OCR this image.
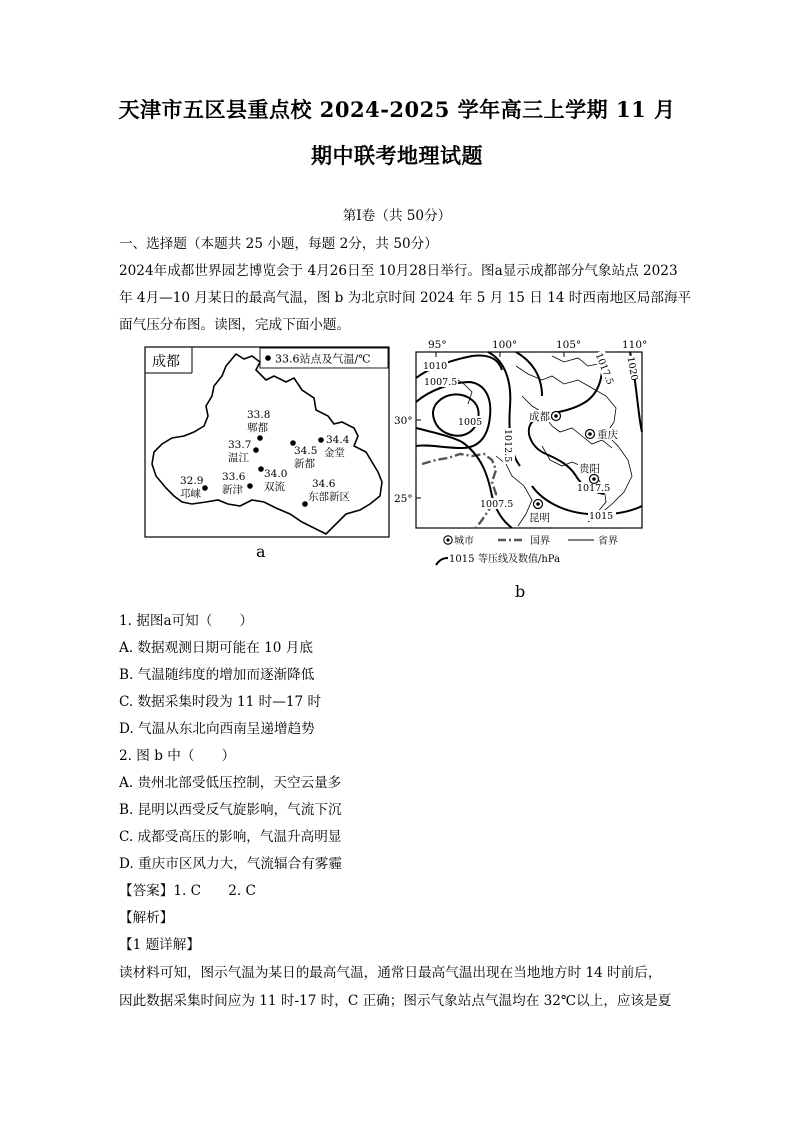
天津市五区县重点校 2024-2025 学年高三上学期 11 月
期中联考地理试题
第Ⅰ卷（共 50分）
一、选择题（本题共 25 小题，每题 2分，共 50分）
2024年成都世界园艺博览会于 4月26日至 10月28日举行。图a显示成都部分气象站点 2023
年 4月—10 月某日的最高气温，图 b 为北京时间 2024 年 5 月 15 日 14 时西南地区局部海平
面气压分布图。读图，完成下面小题。
成都	33.6站点及气温/℃
33.8
郫都
33.7
温江
34.5
新都
34.4
金堂
32.9
邛崃
33.6
新津
34.0
双流	34.6
东部新区
a
95°	100°	105°	110°
30°
25°
1010
1007.5
1005
1012.5
1007.5
1017.5
1017.5
1015
1020
成都
重庆
贵阳
昆明
城市	国界	省界
1015 等压线及数值/hPa
b
1. 据图a可知（　　）
A. 数据观测日期可能在 10 月底
B. 气温随纬度的增加而逐渐降低
C. 数据采集时段为 11 时—17 时
D. 气温从东北向西南呈递增趋势
2. 图 b 中（　　）
A. 贵州北部受低压控制，天空云量多
B. 昆明以西受反气旋影响，气流下沉
C. 成都受高压的影响，气温升高明显
D. 重庆市区风力大，气流辐合有雾霾
【答案】1. C　　2. C
【解析】
【1 题详解】
读材料可知，图示气温为某日的最高气温，通常日最高气温出现在当地地方时 14 时前后，
因此数据采集时间应为 11 时-17 时，C 正确；图示气象站点气温均在 32℃以上，应该是夏
